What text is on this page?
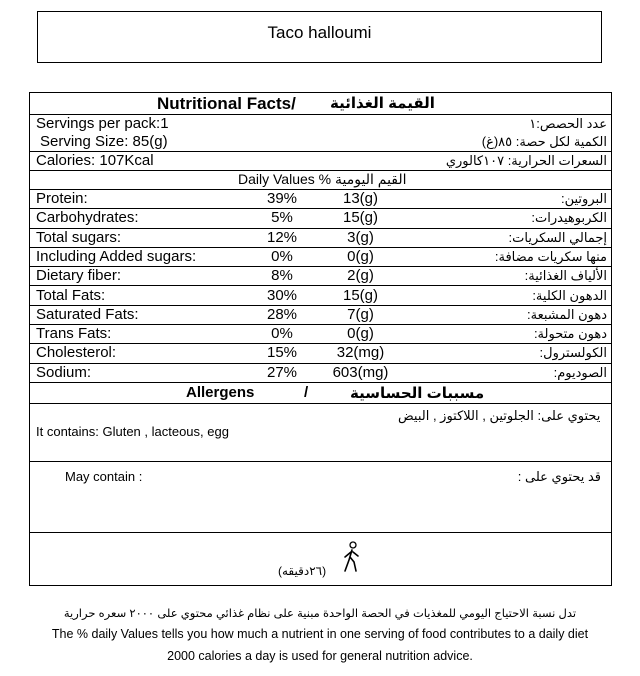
Taco halloumi
Nutritional Facts/ القيمة الغذائية
Servings per pack:1	عدد الحصص:١
Serving Size: 85(g)	الكمية لكل حصة: ٨٥(غ)
Calories: 107Kcal	السعرات الحرارية: ١٠٧كالوري
Daily Values % القيم اليومية
Protein:	39%	13(g)	البروتين:
Carbohydrates:	5%	15(g)	الكربوهيدرات:
Total sugars:	12%	3(g)	إجمالي السكريات:
Including Added sugars:	0%	0(g)	منها سكريات مضافة:
Dietary fiber:	8%	2(g)	الألياف الغذائية:
Total Fats:	30%	15(g)	الدهون الكلية:
Saturated Fats:	28%	7(g)	دهون المشبعة:
Trans Fats:	0%	0(g)	دهون متحولة:
Cholesterol:	15%	32(mg)	الكولسترول:
Sodium:	27%	603(mg)	الصوديوم:
Allergens	/	مسببات الحساسية
يحتوي على: الجلوتين , اللاكتوز , البيض
It contains: Gluten , lacteous, egg
May contain :	قد يحتوي على :
(٢٦دقيقه)
تدل نسبة الاحتياج اليومي للمغذيات في الحصة الواحدة مبنية على نظام غذائي محتوي على ٢٠٠٠ سعره حرارية
The % daily Values tells you how much a nutrient in one serving of food contributes to a daily diet
2000 calories a day is used for general nutrition advice.
